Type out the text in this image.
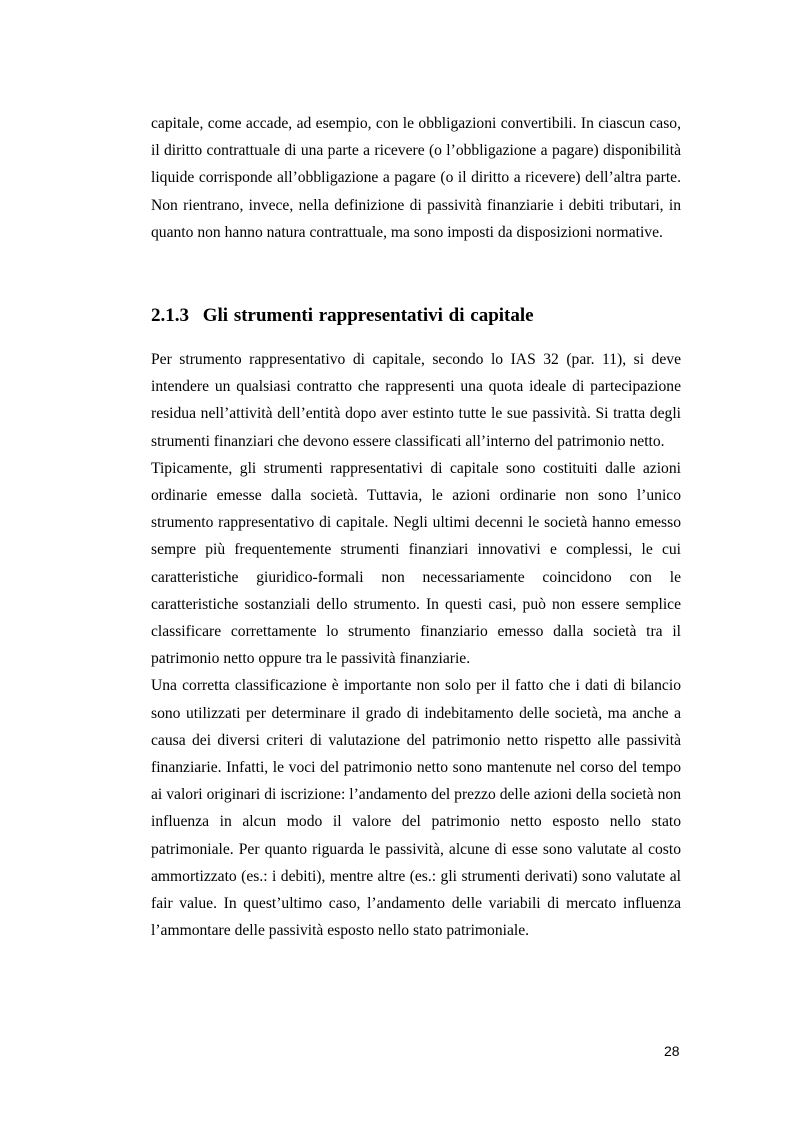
capitale, come accade, ad esempio, con le obbligazioni convertibili. In ciascun caso, il diritto contrattuale di una parte a ricevere (o l’obbligazione a pagare) disponibilità liquide corrisponde all’obbligazione a pagare (o il diritto a ricevere) dell’altra parte. Non rientrano, invece, nella definizione di passività finanziarie i debiti tributari, in quanto non hanno natura contrattuale, ma sono imposti da disposizioni normative.

2.1.3 Gli strumenti rappresentativi di capitale

Per strumento rappresentativo di capitale, secondo lo IAS 32 (par. 11), si deve intendere un qualsiasi contratto che rappresenti una quota ideale di partecipazione residua nell’attività dell’entità dopo aver estinto tutte le sue passività. Si tratta degli strumenti finanziari che devono essere classificati all’interno del patrimonio netto.

Tipicamente, gli strumenti rappresentativi di capitale sono costituiti dalle azioni ordinarie emesse dalla società. Tuttavia, le azioni ordinarie non sono l’unico strumento rappresentativo di capitale. Negli ultimi decenni le società hanno emesso sempre più frequentemente strumenti finanziari innovativi e complessi, le cui caratteristiche giuridico-formali non necessariamente coincidono con le caratteristiche sostanziali dello strumento. In questi casi, può non essere semplice classificare correttamente lo strumento finanziario emesso dalla società tra il patrimonio netto oppure tra le passività finanziarie.

Una corretta classificazione è importante non solo per il fatto che i dati di bilancio sono utilizzati per determinare il grado di indebitamento delle società, ma anche a causa dei diversi criteri di valutazione del patrimonio netto rispetto alle passività finanziarie. Infatti, le voci del patrimonio netto sono mantenute nel corso del tempo ai valori originari di iscrizione: l’andamento del prezzo delle azioni della società non influenza in alcun modo il valore del patrimonio netto esposto nello stato patrimoniale. Per quanto riguarda le passività, alcune di esse sono valutate al costo ammortizzato (es.: i debiti), mentre altre (es.: gli strumenti derivati) sono valutate al fair value. In quest’ultimo caso, l’andamento delle variabili di mercato influenza l’ammontare delle passività esposto nello stato patrimoniale.

28
